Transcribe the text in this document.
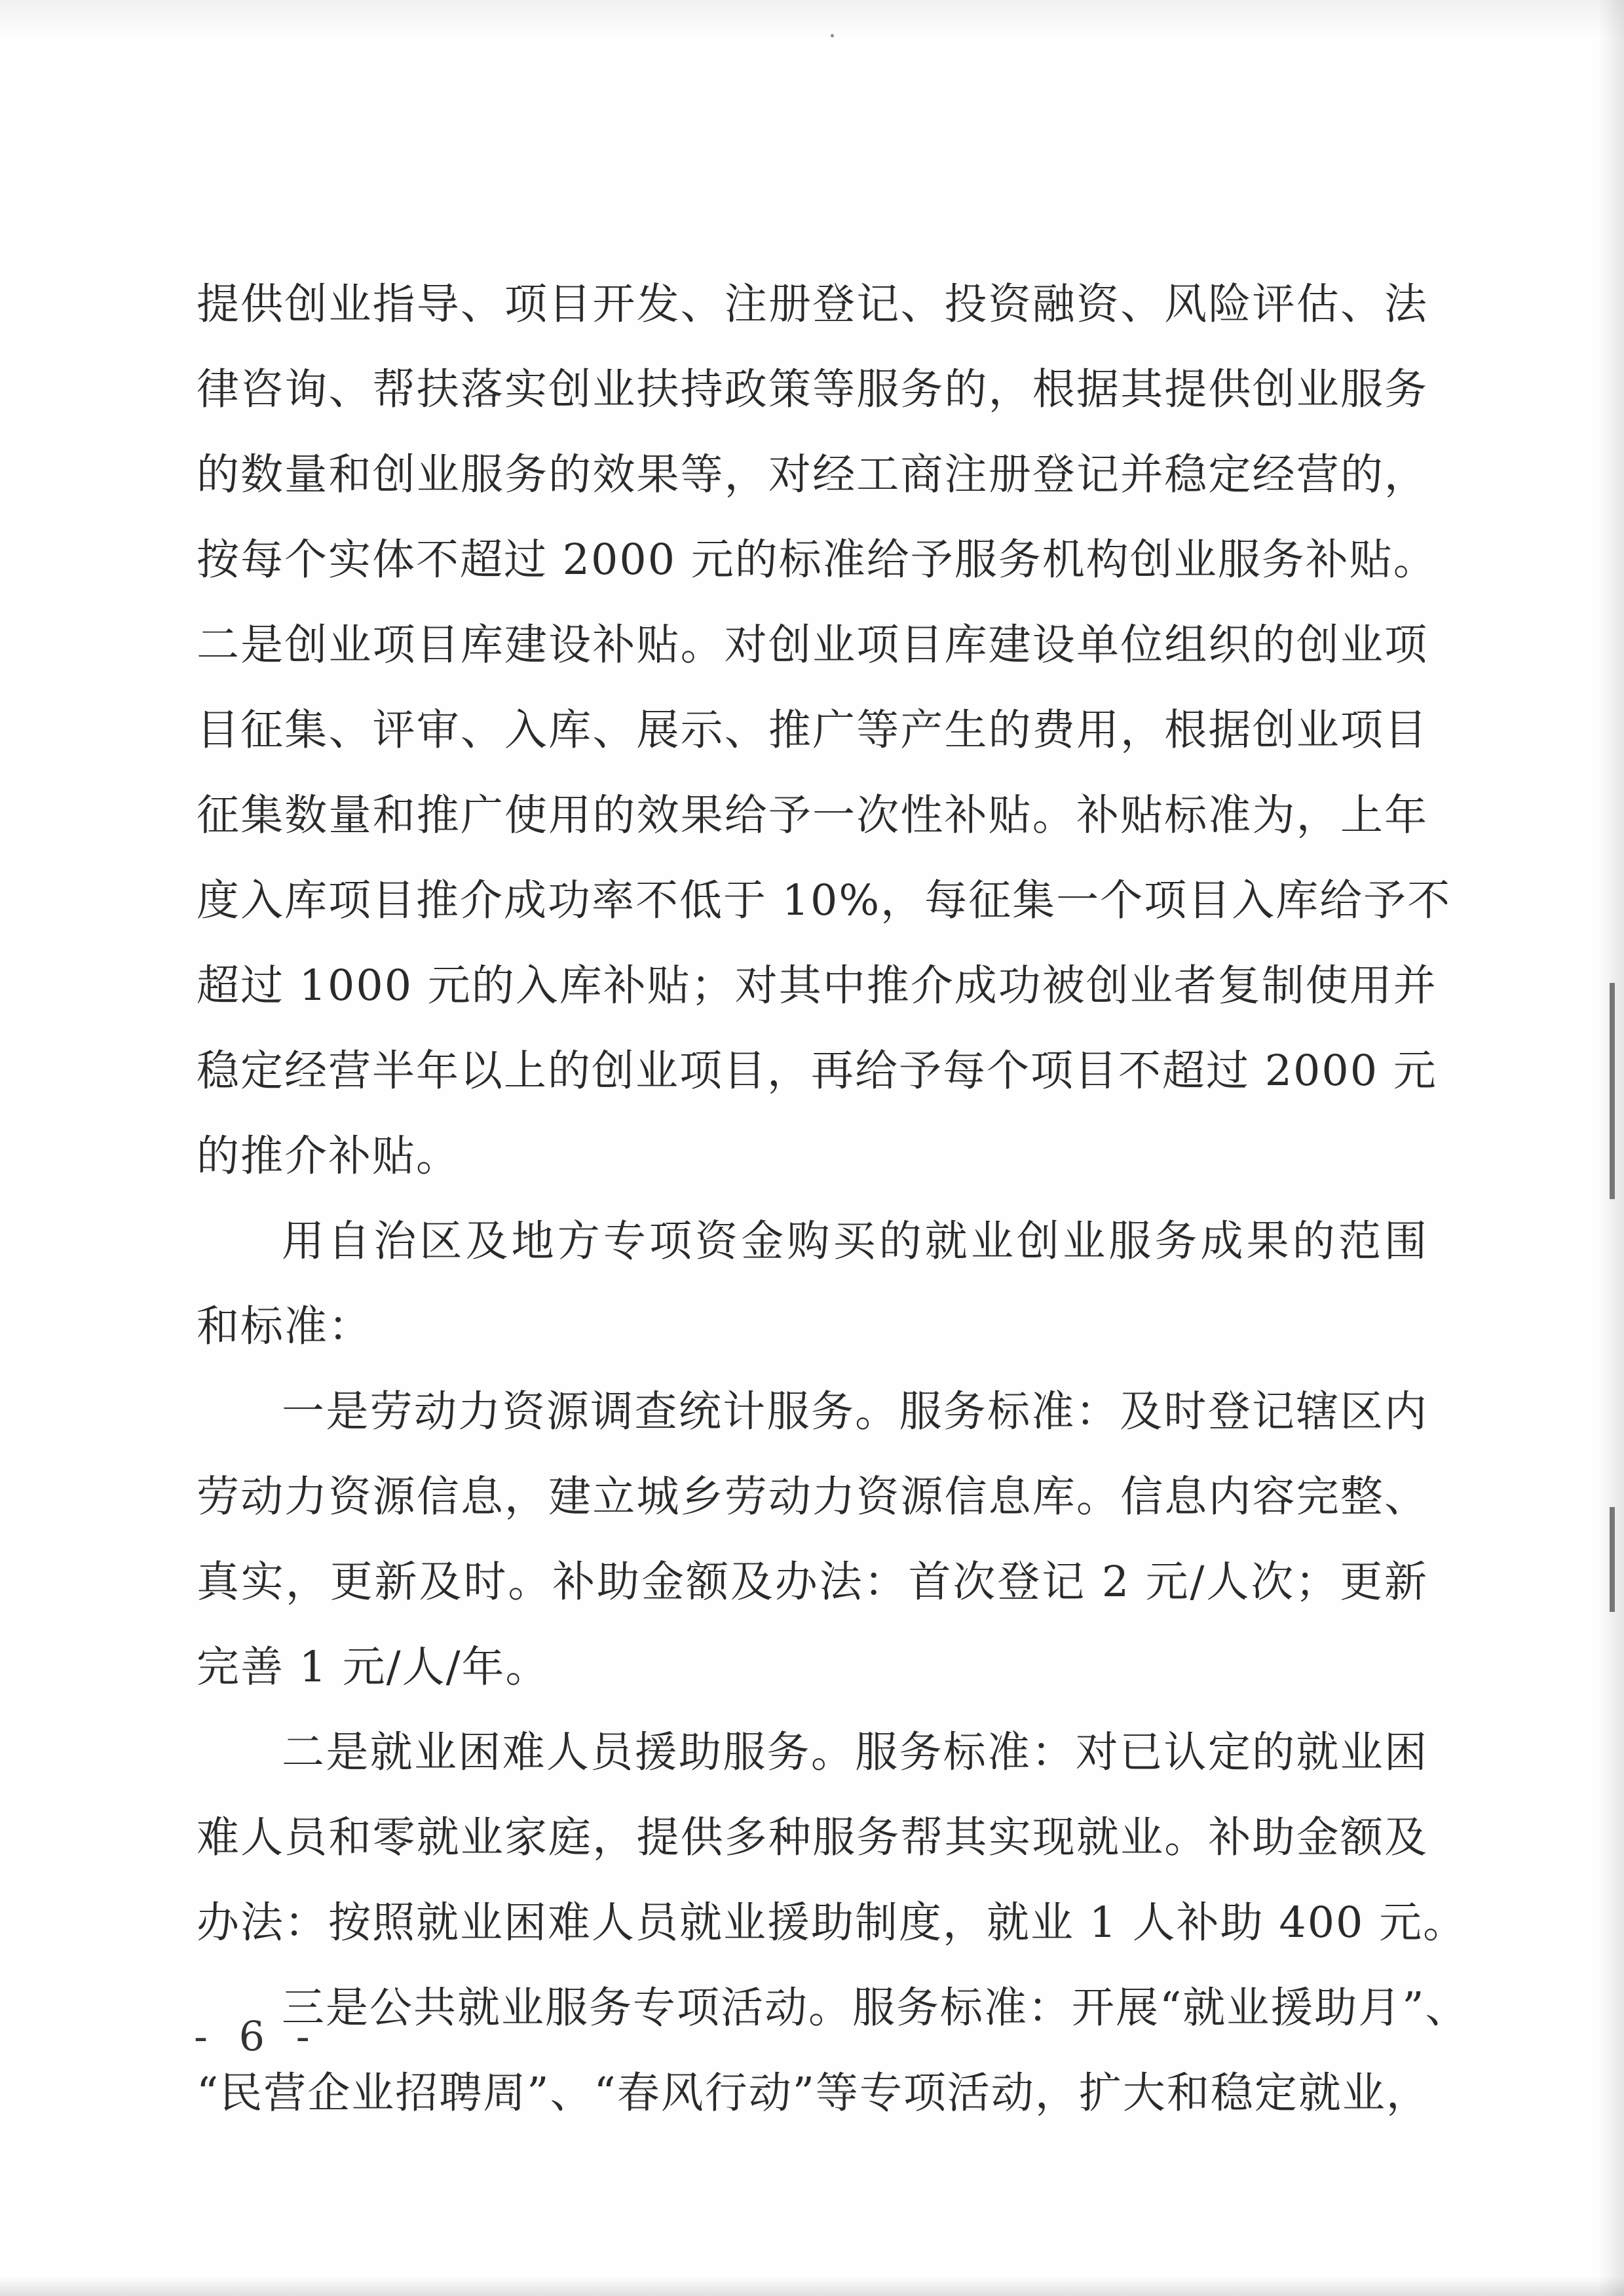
提供创业指导、项目开发、注册登记、投资融资、风险评估、法
律咨询、帮扶落实创业扶持政策等服务的，根据其提供创业服务
的数量和创业服务的效果等，对经工商注册登记并稳定经营的，
按每个实体不超过 2000 元的标准给予服务机构创业服务补贴。
二是创业项目库建设补贴。对创业项目库建设单位组织的创业项
目征集、评审、入库、展示、推广等产生的费用，根据创业项目
征集数量和推广使用的效果给予一次性补贴。补贴标准为，上年
度入库项目推介成功率不低于 10%，每征集一个项目入库给予不
超过 1000 元的入库补贴；对其中推介成功被创业者复制使用并
稳定经营半年以上的创业项目，再给予每个项目不超过 2000 元
的推介补贴。
用自治区及地方专项资金购买的就业创业服务成果的范围
和标准：
一是劳动力资源调查统计服务。服务标准：及时登记辖区内
劳动力资源信息，建立城乡劳动力资源信息库。信息内容完整、
真实，更新及时。补助金额及办法：首次登记 2 元/人次；更新
完善 1 元/人/年。
二是就业困难人员援助服务。服务标准：对已认定的就业困
难人员和零就业家庭，提供多种服务帮其实现就业。补助金额及
办法：按照就业困难人员就业援助制度，就业 1 人补助 400 元。
三是公共就业服务专项活动。服务标准：开展“就业援助月”、
“民营企业招聘周”、“春风行动”等专项活动，扩大和稳定就业，
- 6 -
